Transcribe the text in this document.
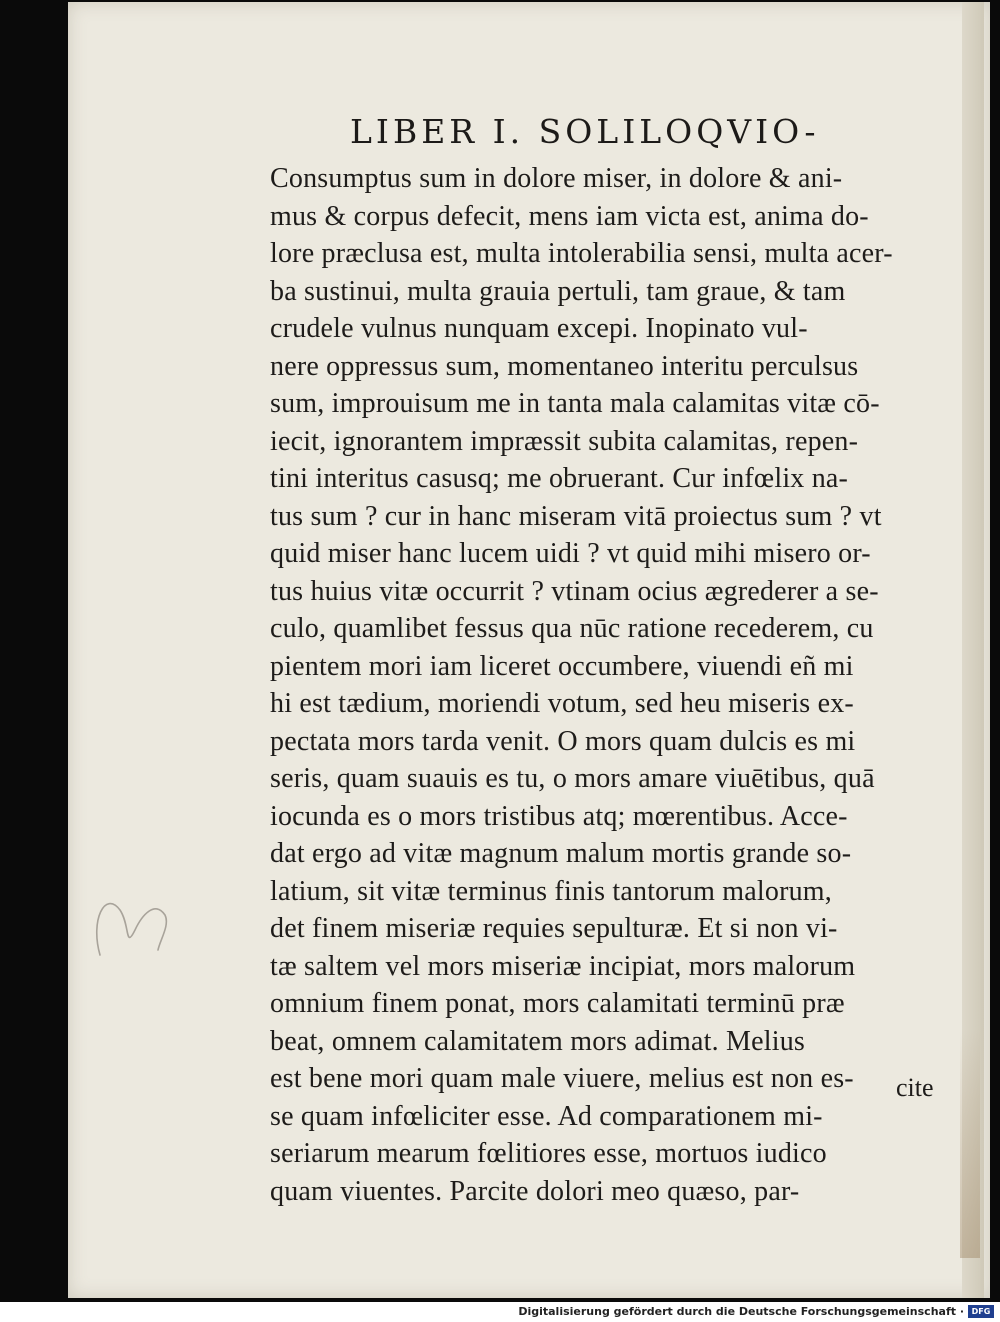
LIBER I. SOLILOQVIO-
Consumptus sum in dolore miser, in dolore & ani-
mus & corpus defecit, mens iam victa est, anima do-
lore præclusa est, multa intolerabilia sensi, multa acer-
ba sustinui, multa grauia pertuli, tam graue, & tam
crudele vulnus nunquam excepi. Inopinato vul-
nere oppressus sum, momentaneo interitu perculsus
sum, improuisum me in tanta mala calamitas vitæ cō-
iecit, ignorantem impræssit subita calamitas, repen-
tini interitus casusq; me obruerant. Cur infœlix na-
tus sum ? cur in hanc miseram vitā proiectus sum ? vt
quid miser hanc lucem uidi ? vt quid mihi misero or-
tus huius vitæ occurrit ? vtinam ocius ægrederer a se-
culo, quamlibet fessus qua nūc ratione recederem, cu
pientem mori iam liceret occumbere, viuendi eñ mi
hi est tædium, moriendi votum, sed heu miseris ex-
pectata mors tarda venit. O mors quam dulcis es mi
seris, quam suauis es tu, o mors amare viuētibus, quā
iocunda es o mors tristibus atq; mœrentibus. Acce-
dat ergo ad vitæ magnum malum mortis grande so-
latium, sit vitæ terminus finis tantorum malorum,
det finem miseriæ requies sepulturæ. Et si non vi-
tæ saltem vel mors miseriæ incipiat, mors malorum
omnium finem ponat, mors calamitati terminū præ
beat, omnem calamitatem mors adimat. Melius
est bene mori quam male viuere, melius est non es-
se quam infœliciter esse. Ad comparationem mi-
seriarum mearum fœlitiores esse, mortuos iudico
quam viuentes. Parcite dolori meo quæso, par-
cite
Digitalisierung gefördert durch die Deutsche Forschungsgemeinschaft · DFG
